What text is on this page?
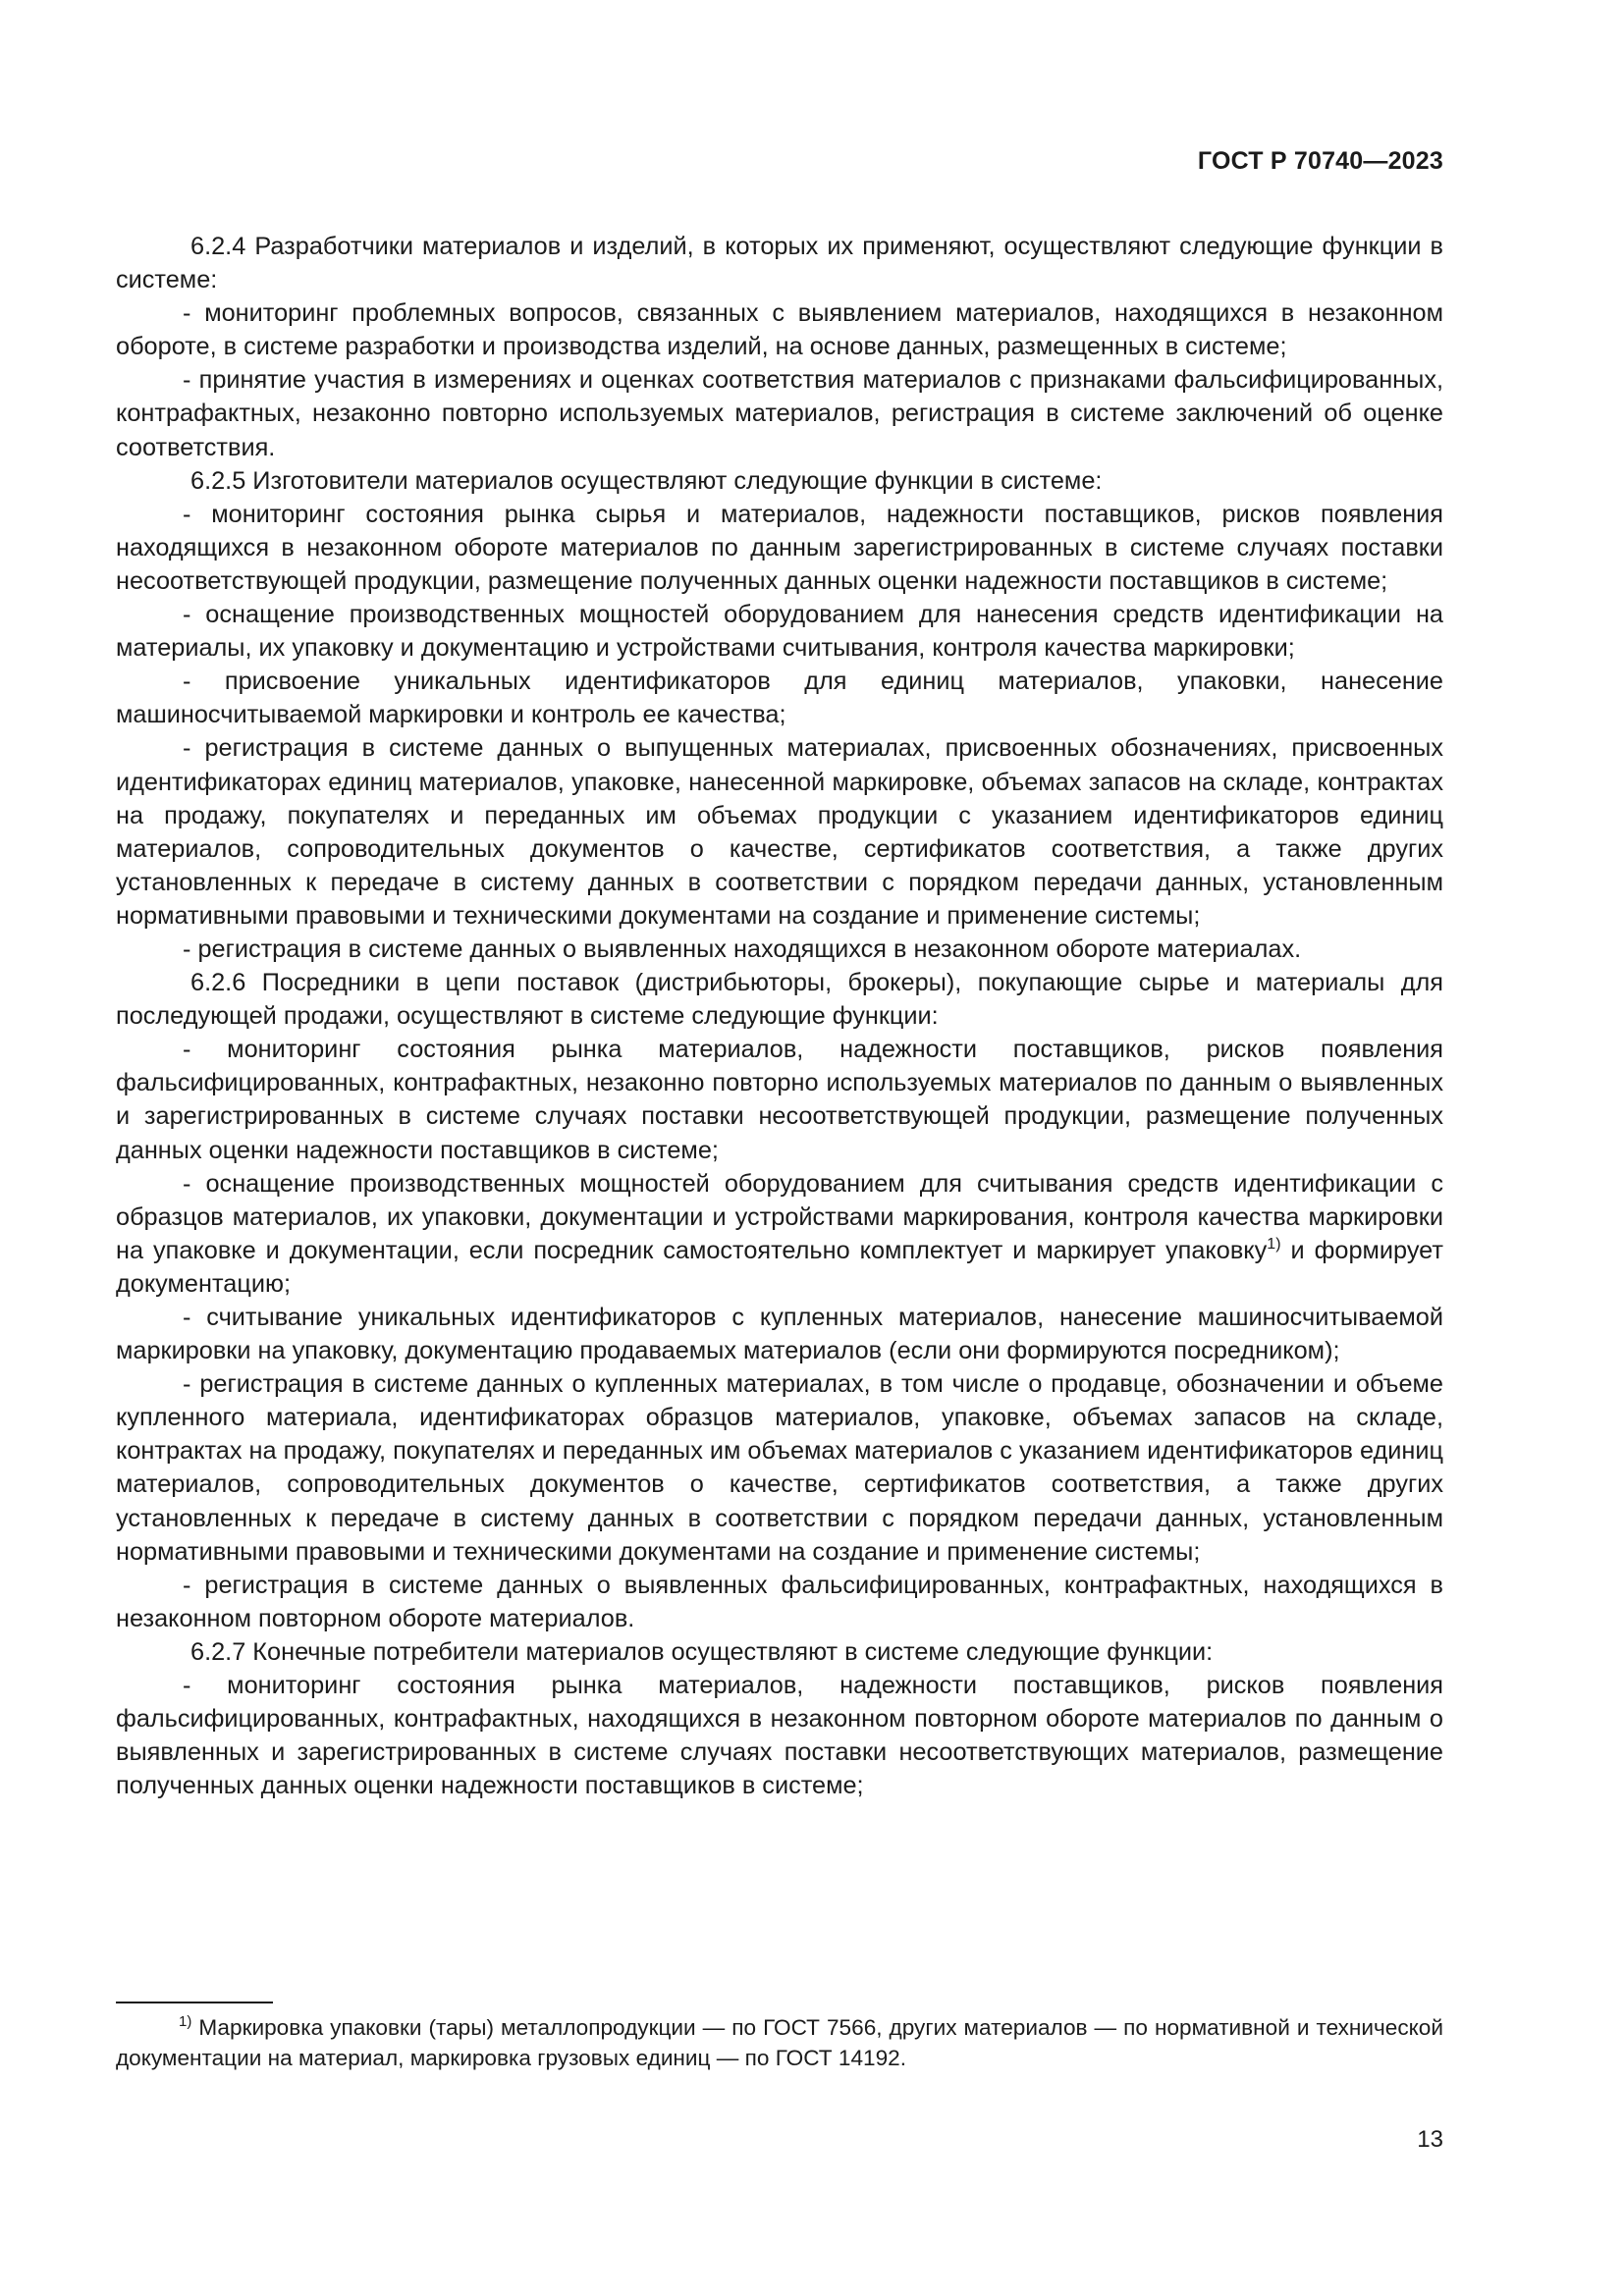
ГОСТ Р 70740—2023

6.2.4 Разработчики материалов и изделий, в которых их применяют, осуществляют следующие функции в системе:

- мониторинг проблемных вопросов, связанных с выявлением материалов, находящихся в незаконном обороте, в системе разработки и производства изделий, на основе данных, размещенных в системе;

- принятие участия в измерениях и оценках соответствия материалов с признаками фальсифицированных, контрафактных, незаконно повторно используемых материалов, регистрация в системе заключений об оценке соответствия.

6.2.5 Изготовители материалов осуществляют следующие функции в системе:

- мониторинг состояния рынка сырья и материалов, надежности поставщиков, рисков появления находящихся в незаконном обороте материалов по данным зарегистрированных в системе случаях поставки несоответствующей продукции, размещение полученных данных оценки надежности поставщиков в системе;

- оснащение производственных мощностей оборудованием для нанесения средств идентификации на материалы, их упаковку и документацию и устройствами считывания, контроля качества маркировки;

- присвоение уникальных идентификаторов для единиц материалов, упаковки, нанесение машиносчитываемой маркировки и контроль ее качества;

- регистрация в системе данных о выпущенных материалах, присвоенных обозначениях, присвоенных идентификаторах единиц материалов, упаковке, нанесенной маркировке, объемах запасов на складе, контрактах на продажу, покупателях и переданных им объемах продукции с указанием идентификаторов единиц материалов, сопроводительных документов о качестве, сертификатов соответствия, а также других установленных к передаче в систему данных в соответствии с порядком передачи данных, установленным нормативными правовыми и техническими документами на создание и применение системы;

- регистрация в системе данных о выявленных находящихся в незаконном обороте материалах.

6.2.6 Посредники в цепи поставок (дистрибьюторы, брокеры), покупающие сырье и материалы для последующей продажи, осуществляют в системе следующие функции:

- мониторинг состояния рынка материалов, надежности поставщиков, рисков появления фальсифицированных, контрафактных, незаконно повторно используемых материалов по данным о выявленных и зарегистрированных в системе случаях поставки несоответствующей продукции, размещение полученных данных оценки надежности поставщиков в системе;

- оснащение производственных мощностей оборудованием для считывания средств идентификации с образцов материалов, их упаковки, документации и устройствами маркирования, контроля качества маркировки на упаковке и документации, если посредник самостоятельно комплектует и маркирует упаковку$^{1)}$ и формирует документацию;

- считывание уникальных идентификаторов с купленных материалов, нанесение машиносчитываемой маркировки на упаковку, документацию продаваемых материалов (если они формируются посредником);

- регистрация в системе данных о купленных материалах, в том числе о продавце, обозначении и объеме купленного материала, идентификаторах образцов материалов, упаковке, объемах запасов на складе, контрактах на продажу, покупателях и переданных им объемах материалов с указанием идентификаторов единиц материалов, сопроводительных документов о качестве, сертификатов соответствия, а также других установленных к передаче в систему данных в соответствии с порядком передачи данных, установленным нормативными правовыми и техническими документами на создание и применение системы;

- регистрация в системе данных о выявленных фальсифицированных, контрафактных, находящихся в незаконном повторном обороте материалов.

6.2.7 Конечные потребители материалов осуществляют в системе следующие функции:

- мониторинг состояния рынка материалов, надежности поставщиков, рисков появления фальсифицированных, контрафактных, находящихся в незаконном повторном обороте материалов по данным о выявленных и зарегистрированных в системе случаях поставки несоответствующих материалов, размещение полученных данных оценки надежности поставщиков в системе;

$^{1)}$ Маркировка упаковки (тары) металлопродукции — по ГОСТ 7566, других материалов — по нормативной и технической документации на материал, маркировка грузовых единиц — по ГОСТ 14192.

13
